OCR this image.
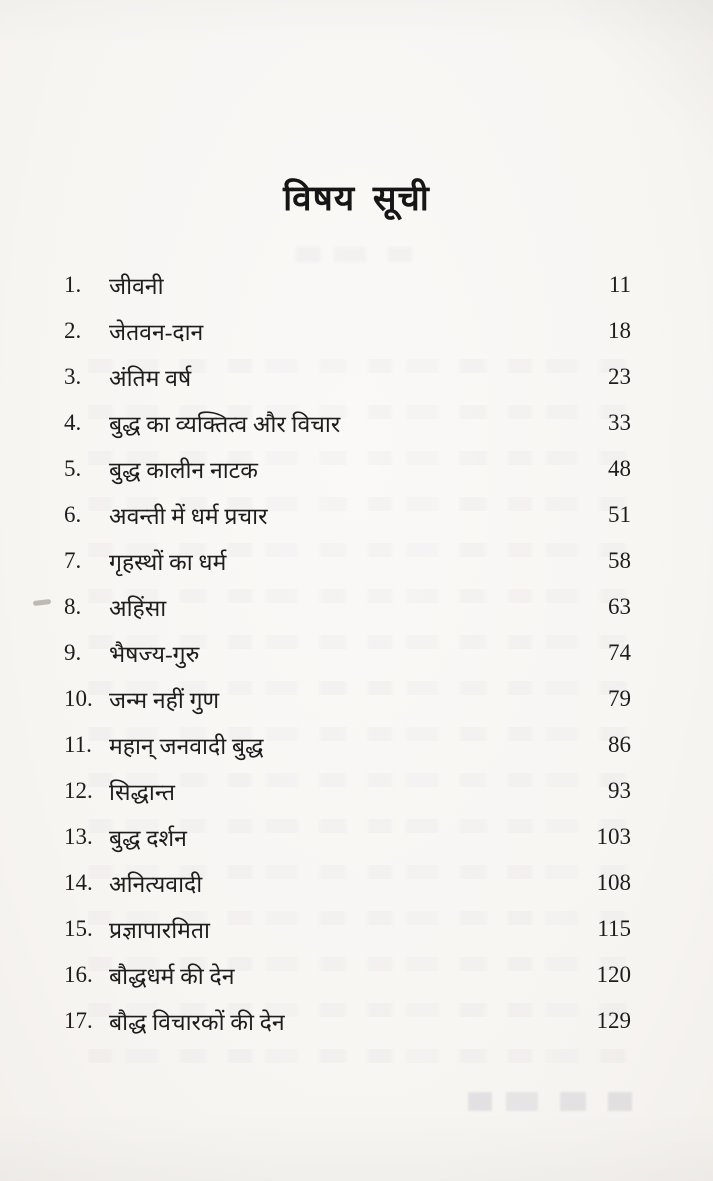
विषय सूची
1.	जीवनी	11
2.	जेतवन-दान	18
3.	अंतिम वर्ष	23
4.	बुद्ध का व्यक्तित्व और विचार	33
5.	बुद्ध कालीन नाटक	48
6.	अवन्ती में धर्म प्रचार	51
7.	गृहस्थों का धर्म	58
8.	अहिंसा	63
9.	भैषज्य-गुरु	74
10. जन्म नहीं गुण	79
11. महान् जनवादी बुद्ध	86
12. सिद्धान्त	93
13. बुद्ध दर्शन	103
14. अनित्यवादी	108
15. प्रज्ञापारमिता	115
16. बौद्धधर्म की देन	120
17. बौद्ध विचारकों की देन	129
